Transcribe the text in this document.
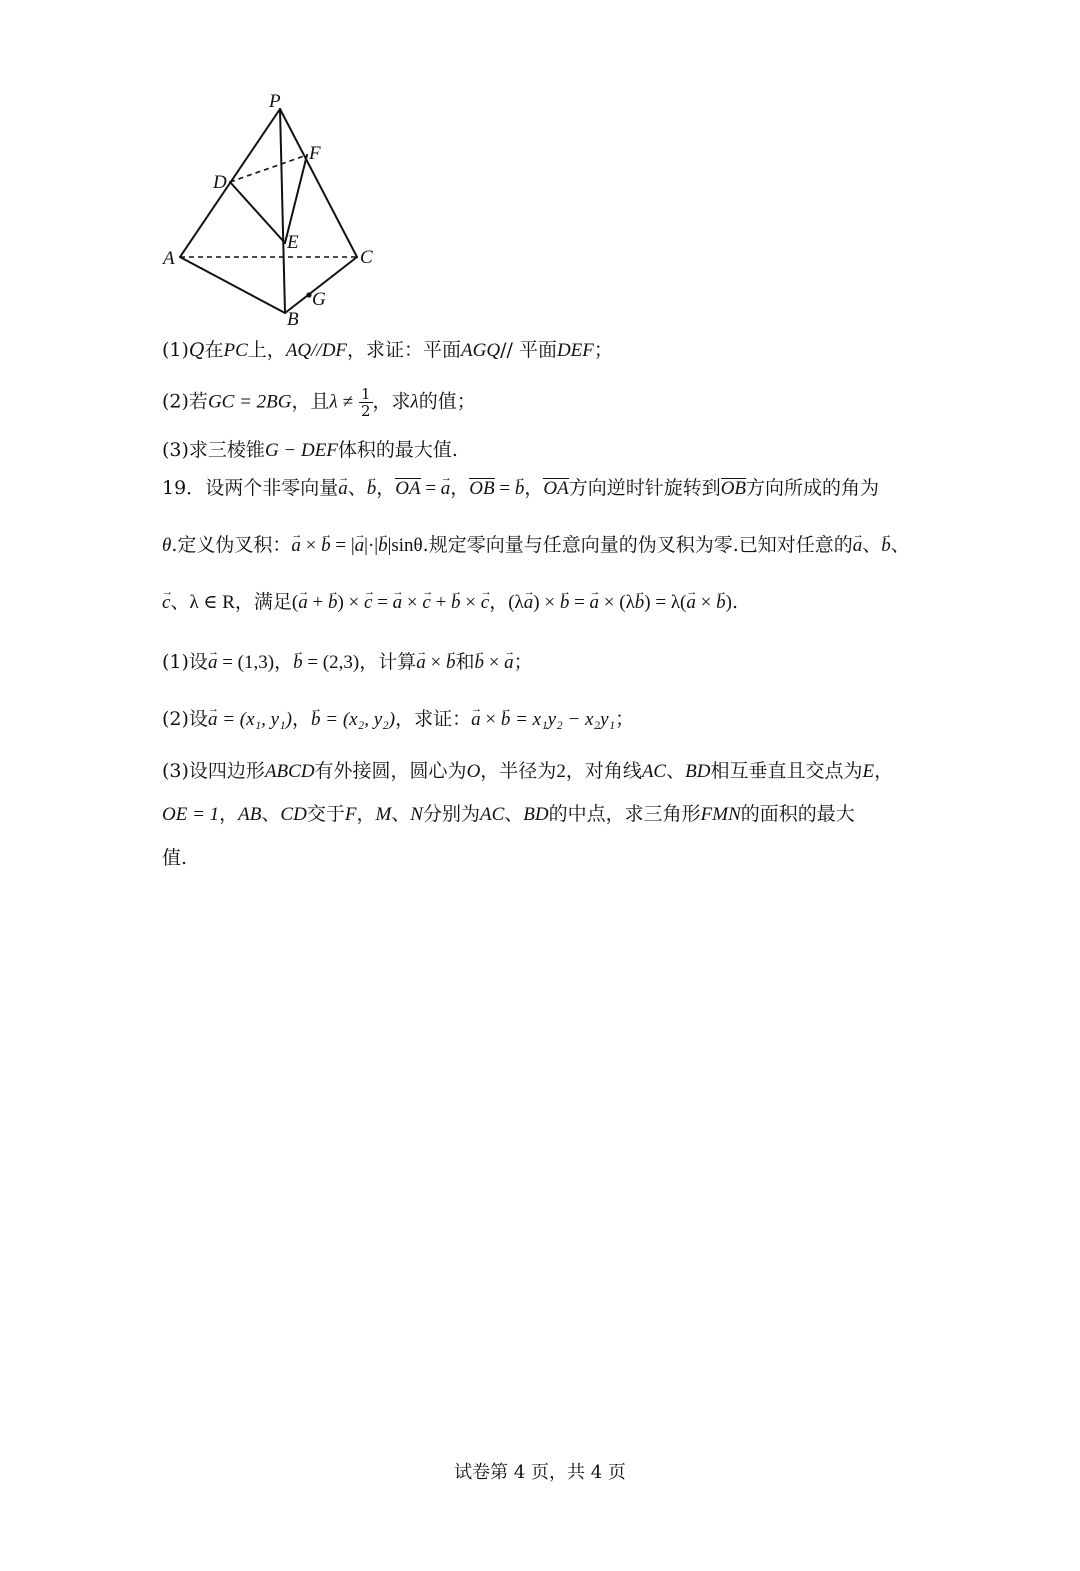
P
F
D
E
A	C
G
B
(1)Q在PC上，AQ//DF，求证：平面AGQ// 平面DEF；
(2)若GC = 2BG，且$\lambda \ne \frac{1}{2}$ ，求λ的值；
(3)求三棱锥G − DEF体积的最大值.
19．设两个非零向量→ a、→ b，OA = → a，OB = → b，OA方向逆时针旋转到OB方向所成的角为
θ.定义伪叉积：→ a × → b = |→ a|·|→ b|sinθ.规定零向量与任意向量的伪叉积为零.已知对任意的→ a、→ b、
→ c、λ ∈ R，满足(→ a + → b) × → c = → a × → c + → b × → c，(λ→ a) × → b = → a × (λ→ b) = λ(→ a × → b).
(1)设→ a = (1,3)，→ b = (2,3)，计算→ a × → b和→ b × → a；
(2)设→ a = (x₁, y₁)，→ b = (x₂, y₂)，求证：→ a × → b = x₁y₂ − x₂y₁；
(3)设四边形ABCD有外接圆，圆心为O，半径为2，对角线AC、BD相互垂直且交点为E，
OE = 1，AB、CD交于F，M、N分别为AC、BD的中点，求三角形FMN的面积的最大
值.
试卷第 4 页，共 4 页
